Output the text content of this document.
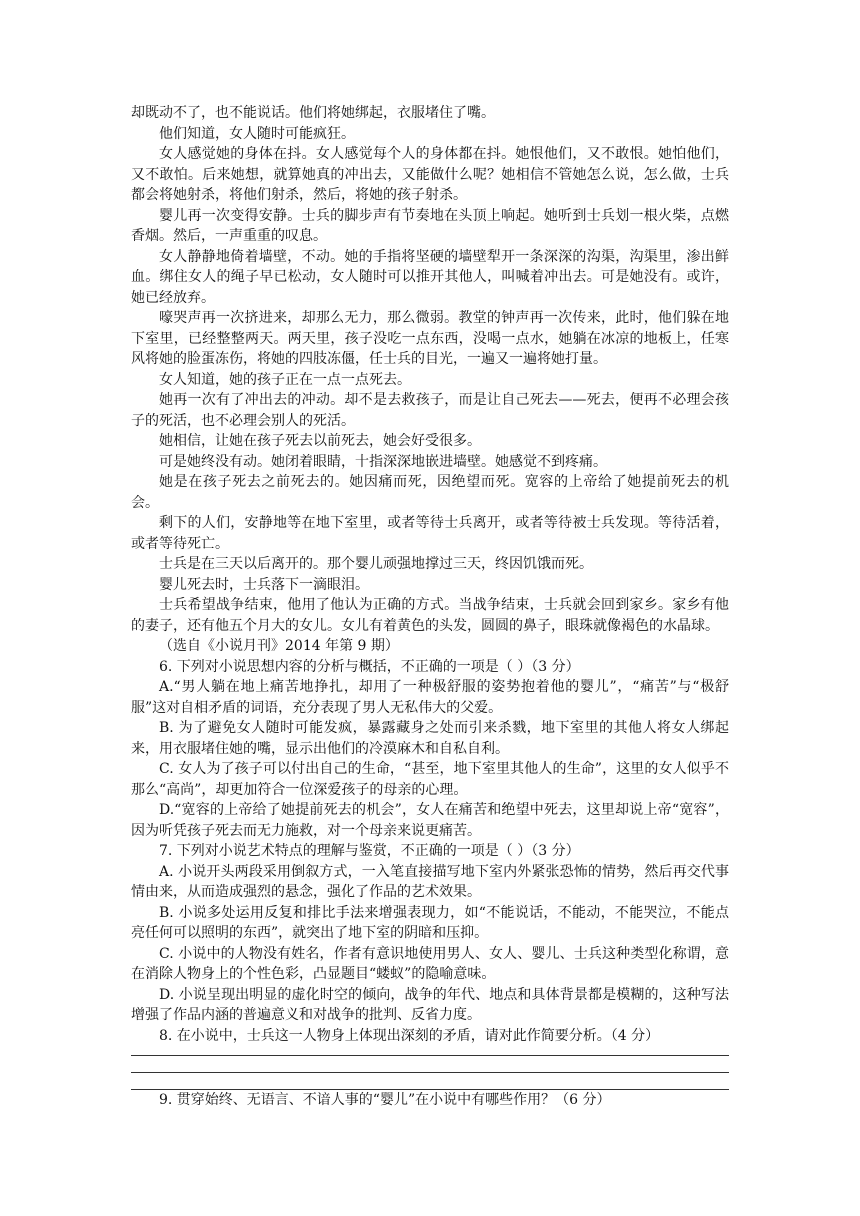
却既动不了，也不能说话。他们将她绑起，衣服堵住了嘴。

他们知道，女人随时可能疯狂。

女人感觉她的身体在抖。女人感觉每个人的身体都在抖。她恨他们，又不敢恨。她怕他们，又不敢怕。后来她想，就算她真的冲出去，又能做什么呢？她相信不管她怎么说，怎么做，士兵都会将她射杀，将他们射杀，然后，将她的孩子射杀。

婴儿再一次变得安静。士兵的脚步声有节奏地在头顶上响起。她听到士兵划一根火柴，点燃香烟。然后，一声重重的叹息。

女人静静地倚着墙壁，不动。她的手指将坚硬的墙壁犁开一条深深的沟渠，沟渠里，渗出鲜血。绑住女人的绳子早已松动，女人随时可以推开其他人，叫喊着冲出去。可是她没有。或许，她已经放弃。

嚎哭声再一次挤进来，却那么无力，那么微弱。教堂的钟声再一次传来，此时，他们躲在地下室里，已经整整两天。两天里，孩子没吃一点东西，没喝一点水，她躺在冰凉的地板上，任寒风将她的脸蛋冻伤，将她的四肢冻僵，任士兵的目光，一遍又一遍将她打量。

女人知道，她的孩子正在一点一点死去。

她再一次有了冲出去的冲动。却不是去救孩子，而是让自己死去——死去，便再不必理会孩子的死活，也不必理会别人的死活。

她相信，让她在孩子死去以前死去，她会好受很多。

可是她终没有动。她闭着眼睛，十指深深地嵌进墙壁。她感觉不到疼痛。

她是在孩子死去之前死去的。她因痛而死，因绝望而死。宽容的上帝给了她提前死去的机会。

剩下的人们，安静地等在地下室里，或者等待士兵离开，或者等待被士兵发现。等待活着，或者等待死亡。

士兵是在三天以后离开的。那个婴儿顽强地撑过三天，终因饥饿而死。

婴儿死去时，士兵落下一滴眼泪。

士兵希望战争结束，他用了他认为正确的方式。当战争结束，士兵就会回到家乡。家乡有他的妻子，还有他五个月大的女儿。女儿有着黄色的头发，圆圆的鼻子，眼珠就像褐色的水晶球。

（选自《小说月刊》2014 年第 9 期）

6. 下列对小说思想内容的分析与概括，不正确的一项是（ ）（3 分）

A.“男人躺在地上痛苦地挣扎，却用了一种极舒服的姿势抱着他的婴儿”，“痛苦”与“极舒服”这对自相矛盾的词语，充分表现了男人无私伟大的父爱。

B. 为了避免女人随时可能发疯，暴露藏身之处而引来杀戮，地下室里的其他人将女人绑起来，用衣服堵住她的嘴，显示出他们的冷漠麻木和自私自利。

C. 女人为了孩子可以付出自己的生命，“甚至，地下室里其他人的生命”，这里的女人似乎不那么“高尚”，却更加符合一位深爱孩子的母亲的心理。

D.“宽容的上帝给了她提前死去的机会”，女人在痛苦和绝望中死去，这里却说上帝“宽容”，因为听凭孩子死去而无力施救，对一个母亲来说更痛苦。

7. 下列对小说艺术特点的理解与鉴赏，不正确的一项是（ ）（3 分）

A. 小说开头两段采用倒叙方式，一入笔直接描写地下室内外紧张恐怖的情势，然后再交代事情由来，从而造成强烈的悬念，强化了作品的艺术效果。

B. 小说多处运用反复和排比手法来增强表现力，如“不能说话，不能动，不能哭泣，不能点亮任何可以照明的东西”，就突出了地下室的阴暗和压抑。

C. 小说中的人物没有姓名，作者有意识地使用男人、女人、婴儿、士兵这种类型化称谓，意在消除人物身上的个性色彩，凸显题目“蝼蚁”的隐喻意味。

D. 小说呈现出明显的虚化时空的倾向，战争的年代、地点和具体背景都是模糊的，这种写法增强了作品内涵的普遍意义和对战争的批判、反省力度。

8. 在小说中，士兵这一人物身上体现出深刻的矛盾，请对此作简要分析。（4 分）

9. 贯穿始终、无语言、不谙人事的“婴儿”在小说中有哪些作用？（6 分）
